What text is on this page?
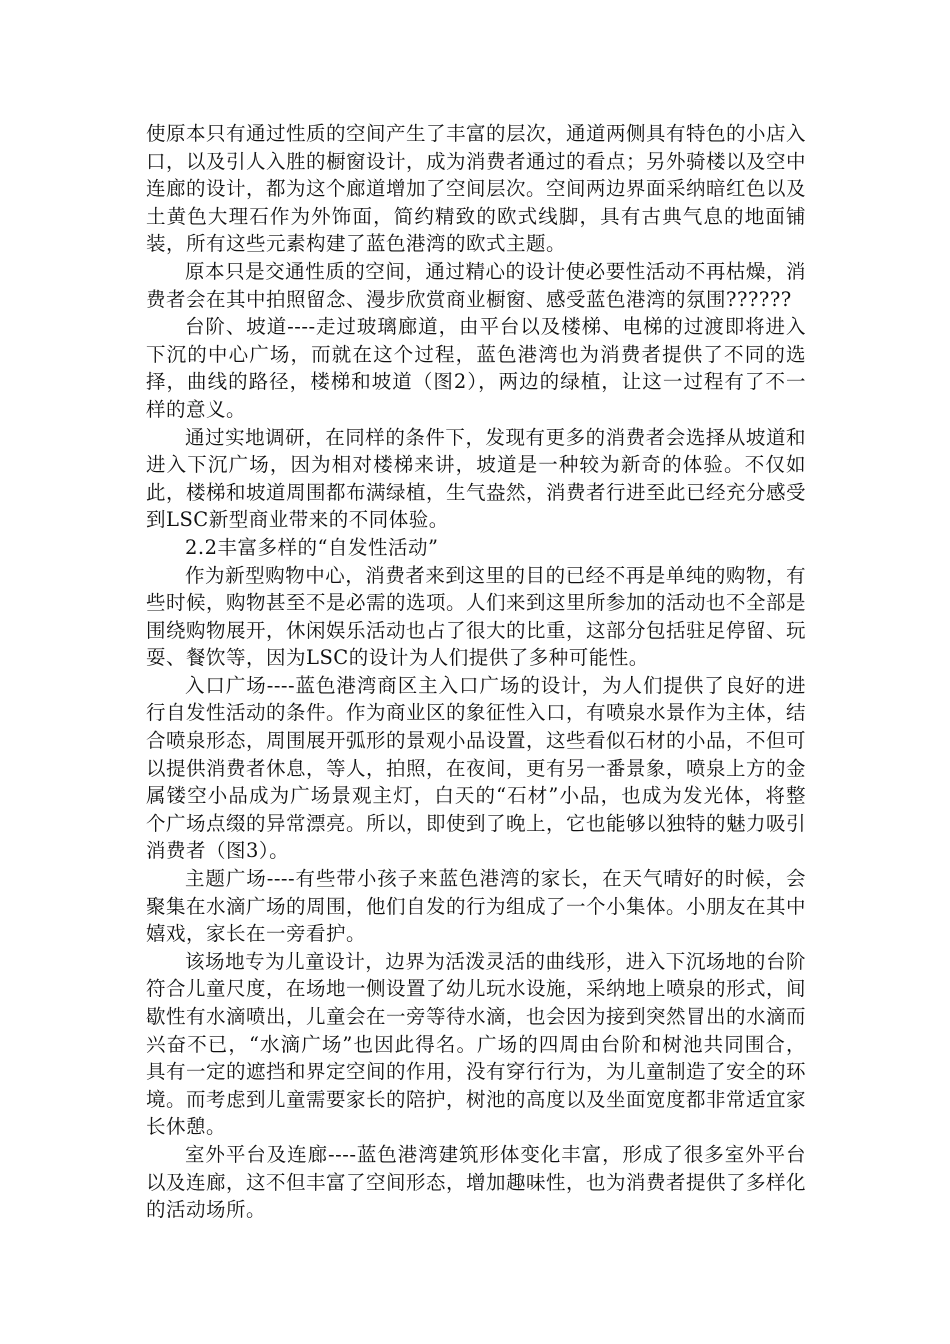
使原本只有通过性质的空间产生了丰富的层次，通道两侧具有特色的小店入口，以及引人入胜的橱窗设计，成为消费者通过的看点；另外骑楼以及空中连廊的设计，都为这个廊道增加了空间层次。空间两边界面采纳暗红色以及土黄色大理石作为外饰面，简约精致的欧式线脚，具有古典气息的地面铺装，所有这些元素构建了蓝色港湾的欧式主题。

原本只是交通性质的空间，通过精心的设计使必要性活动不再枯燥，消费者会在其中拍照留念、漫步欣赏商业橱窗、感受蓝色港湾的氛围??????

台阶、坡道----走过玻璃廊道，由平台以及楼梯、电梯的过渡即将进入下沉的中心广场，而就在这个过程，蓝色港湾也为消费者提供了不同的选择，曲线的路径，楼梯和坡道（图2），两边的绿植，让这一过程有了不一样的意义。

通过实地调研，在同样的条件下，发现有更多的消费者会选择从坡道和进入下沉广场，因为相对楼梯来讲，坡道是一种较为新奇的体验。不仅如此，楼梯和坡道周围都布满绿植，生气盎然，消费者行进至此已经充分感受到LSC新型商业带来的不同体验。

2.2丰富多样的“自发性活动”

作为新型购物中心，消费者来到这里的目的已经不再是单纯的购物，有些时候，购物甚至不是必需的选项。人们来到这里所参加的活动也不全部是围绕购物展开，休闲娱乐活动也占了很大的比重，这部分包括驻足停留、玩耍、餐饮等，因为LSC的设计为人们提供了多种可能性。

入口广场----蓝色港湾商区主入口广场的设计，为人们提供了良好的进行自发性活动的条件。作为商业区的象征性入口，有喷泉水景作为主体，结合喷泉形态，周围展开弧形的景观小品设置，这些看似石材的小品，不但可以提供消费者休息，等人，拍照，在夜间，更有另一番景象，喷泉上方的金属镂空小品成为广场景观主灯，白天的“石材”小品，也成为发光体，将整个广场点缀的异常漂亮。所以，即使到了晚上，它也能够以独特的魅力吸引消费者（图3）。

主题广场----有些带小孩子来蓝色港湾的家长，在天气晴好的时候，会聚集在水滴广场的周围，他们自发的行为组成了一个小集体。小朋友在其中嬉戏，家长在一旁看护。

该场地专为儿童设计，边界为活泼灵活的曲线形，进入下沉场地的台阶符合儿童尺度，在场地一侧设置了幼儿玩水设施，采纳地上喷泉的形式，间歇性有水滴喷出，儿童会在一旁等待水滴，也会因为接到突然冒出的水滴而兴奋不已，“水滴广场”也因此得名。广场的四周由台阶和树池共同围合，具有一定的遮挡和界定空间的作用，没有穿行行为，为儿童制造了安全的环境。而考虑到儿童需要家长的陪护，树池的高度以及坐面宽度都非常适宜家长休憩。

室外平台及连廊----蓝色港湾建筑形体变化丰富，形成了很多室外平台以及连廊，这不但丰富了空间形态，增加趣味性，也为消费者提供了多样化的活动场所。
